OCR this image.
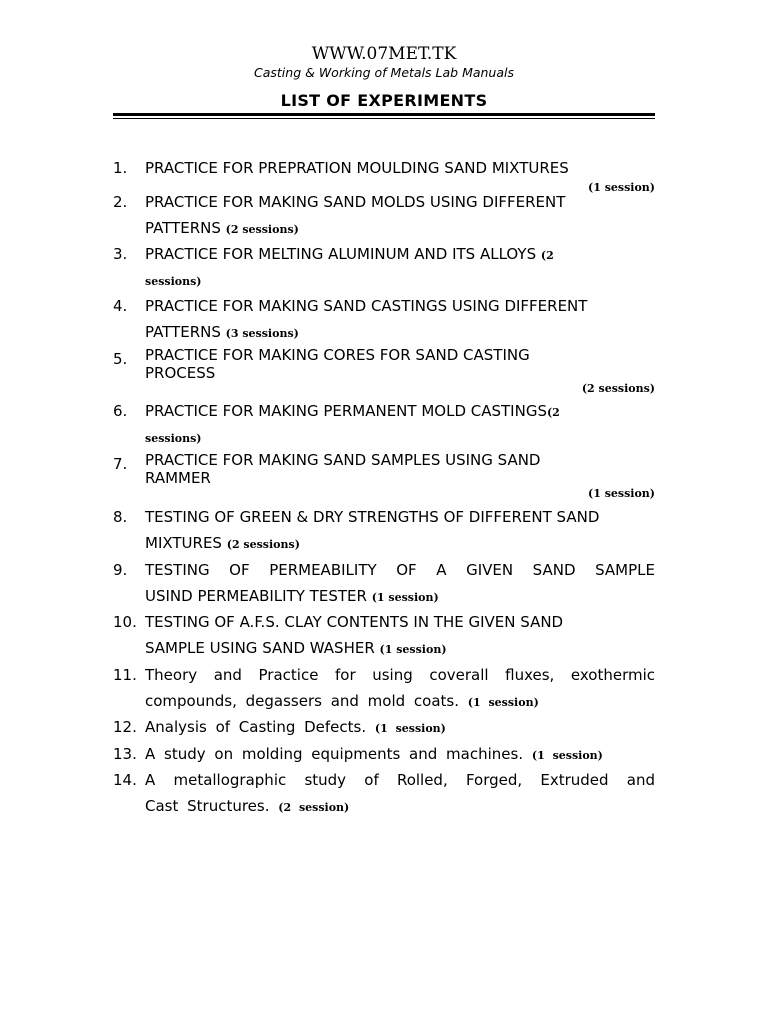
WWW.07MET.TK
Casting & Working of Metals Lab Manuals
LIST OF EXPERIMENTS
1. PRACTICE FOR PREPRATION MOULDING SAND MIXTURES
(1 session)
2. PRACTICE FOR MAKING SAND MOLDS USING DIFFERENT
PATTERNS (2 sessions)
3. PRACTICE FOR MELTING ALUMINUM AND ITS ALLOYS (2
sessions)
4. PRACTICE FOR MAKING SAND CASTINGS USING DIFFERENT
PATTERNS (3 sessions)
5. PRACTICE FOR MAKING CORES FOR SAND CASTING
PROCESS
(2 sessions)
6. PRACTICE FOR MAKING PERMANENT MOLD CASTINGS(2
sessions)
7. PRACTICE FOR MAKING SAND SAMPLES USING SAND
RAMMER
(1 session)
8. TESTING OF GREEN & DRY STRENGTHS OF DIFFERENT SAND
MIXTURES (2 sessions)
9. TESTING OF PERMEABILITY OF A GIVEN SAND SAMPLE
USIND PERMEABILITY TESTER (1 session)
10. TESTING OF A.F.S. CLAY CONTENTS IN THE GIVEN SAND
SAMPLE USING SAND WASHER (1 session)
11. Theory and Practice for using coverall fluxes, exothermic
compounds, degassers and mold coats. (1 session)
12. Analysis of Casting Defects. (1 session)
13. A study on molding equipments and machines. (1 session)
14. A metallographic study of Rolled, Forged, Extruded and
Cast Structures. (2 session)
